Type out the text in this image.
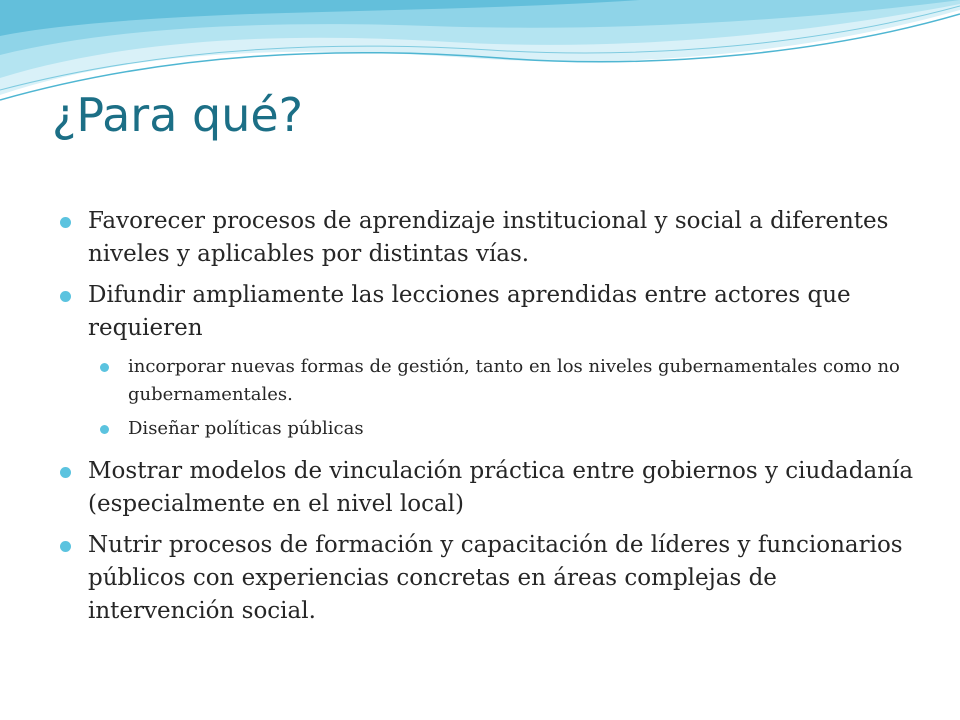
¿Para qué?
Favorecer procesos de aprendizaje institucional y social a diferentes niveles y aplicables por distintas vías.
Difundir ampliamente las lecciones aprendidas entre actores que requieren
incorporar nuevas formas de gestión, tanto en los niveles gubernamentales como no gubernamentales.
Diseñar políticas públicas
Mostrar modelos de vinculación práctica entre gobiernos y ciudadanía (especialmente en el nivel local)
Nutrir procesos de formación y capacitación de líderes y funcionarios públicos con experiencias concretas en áreas complejas de intervención social.
